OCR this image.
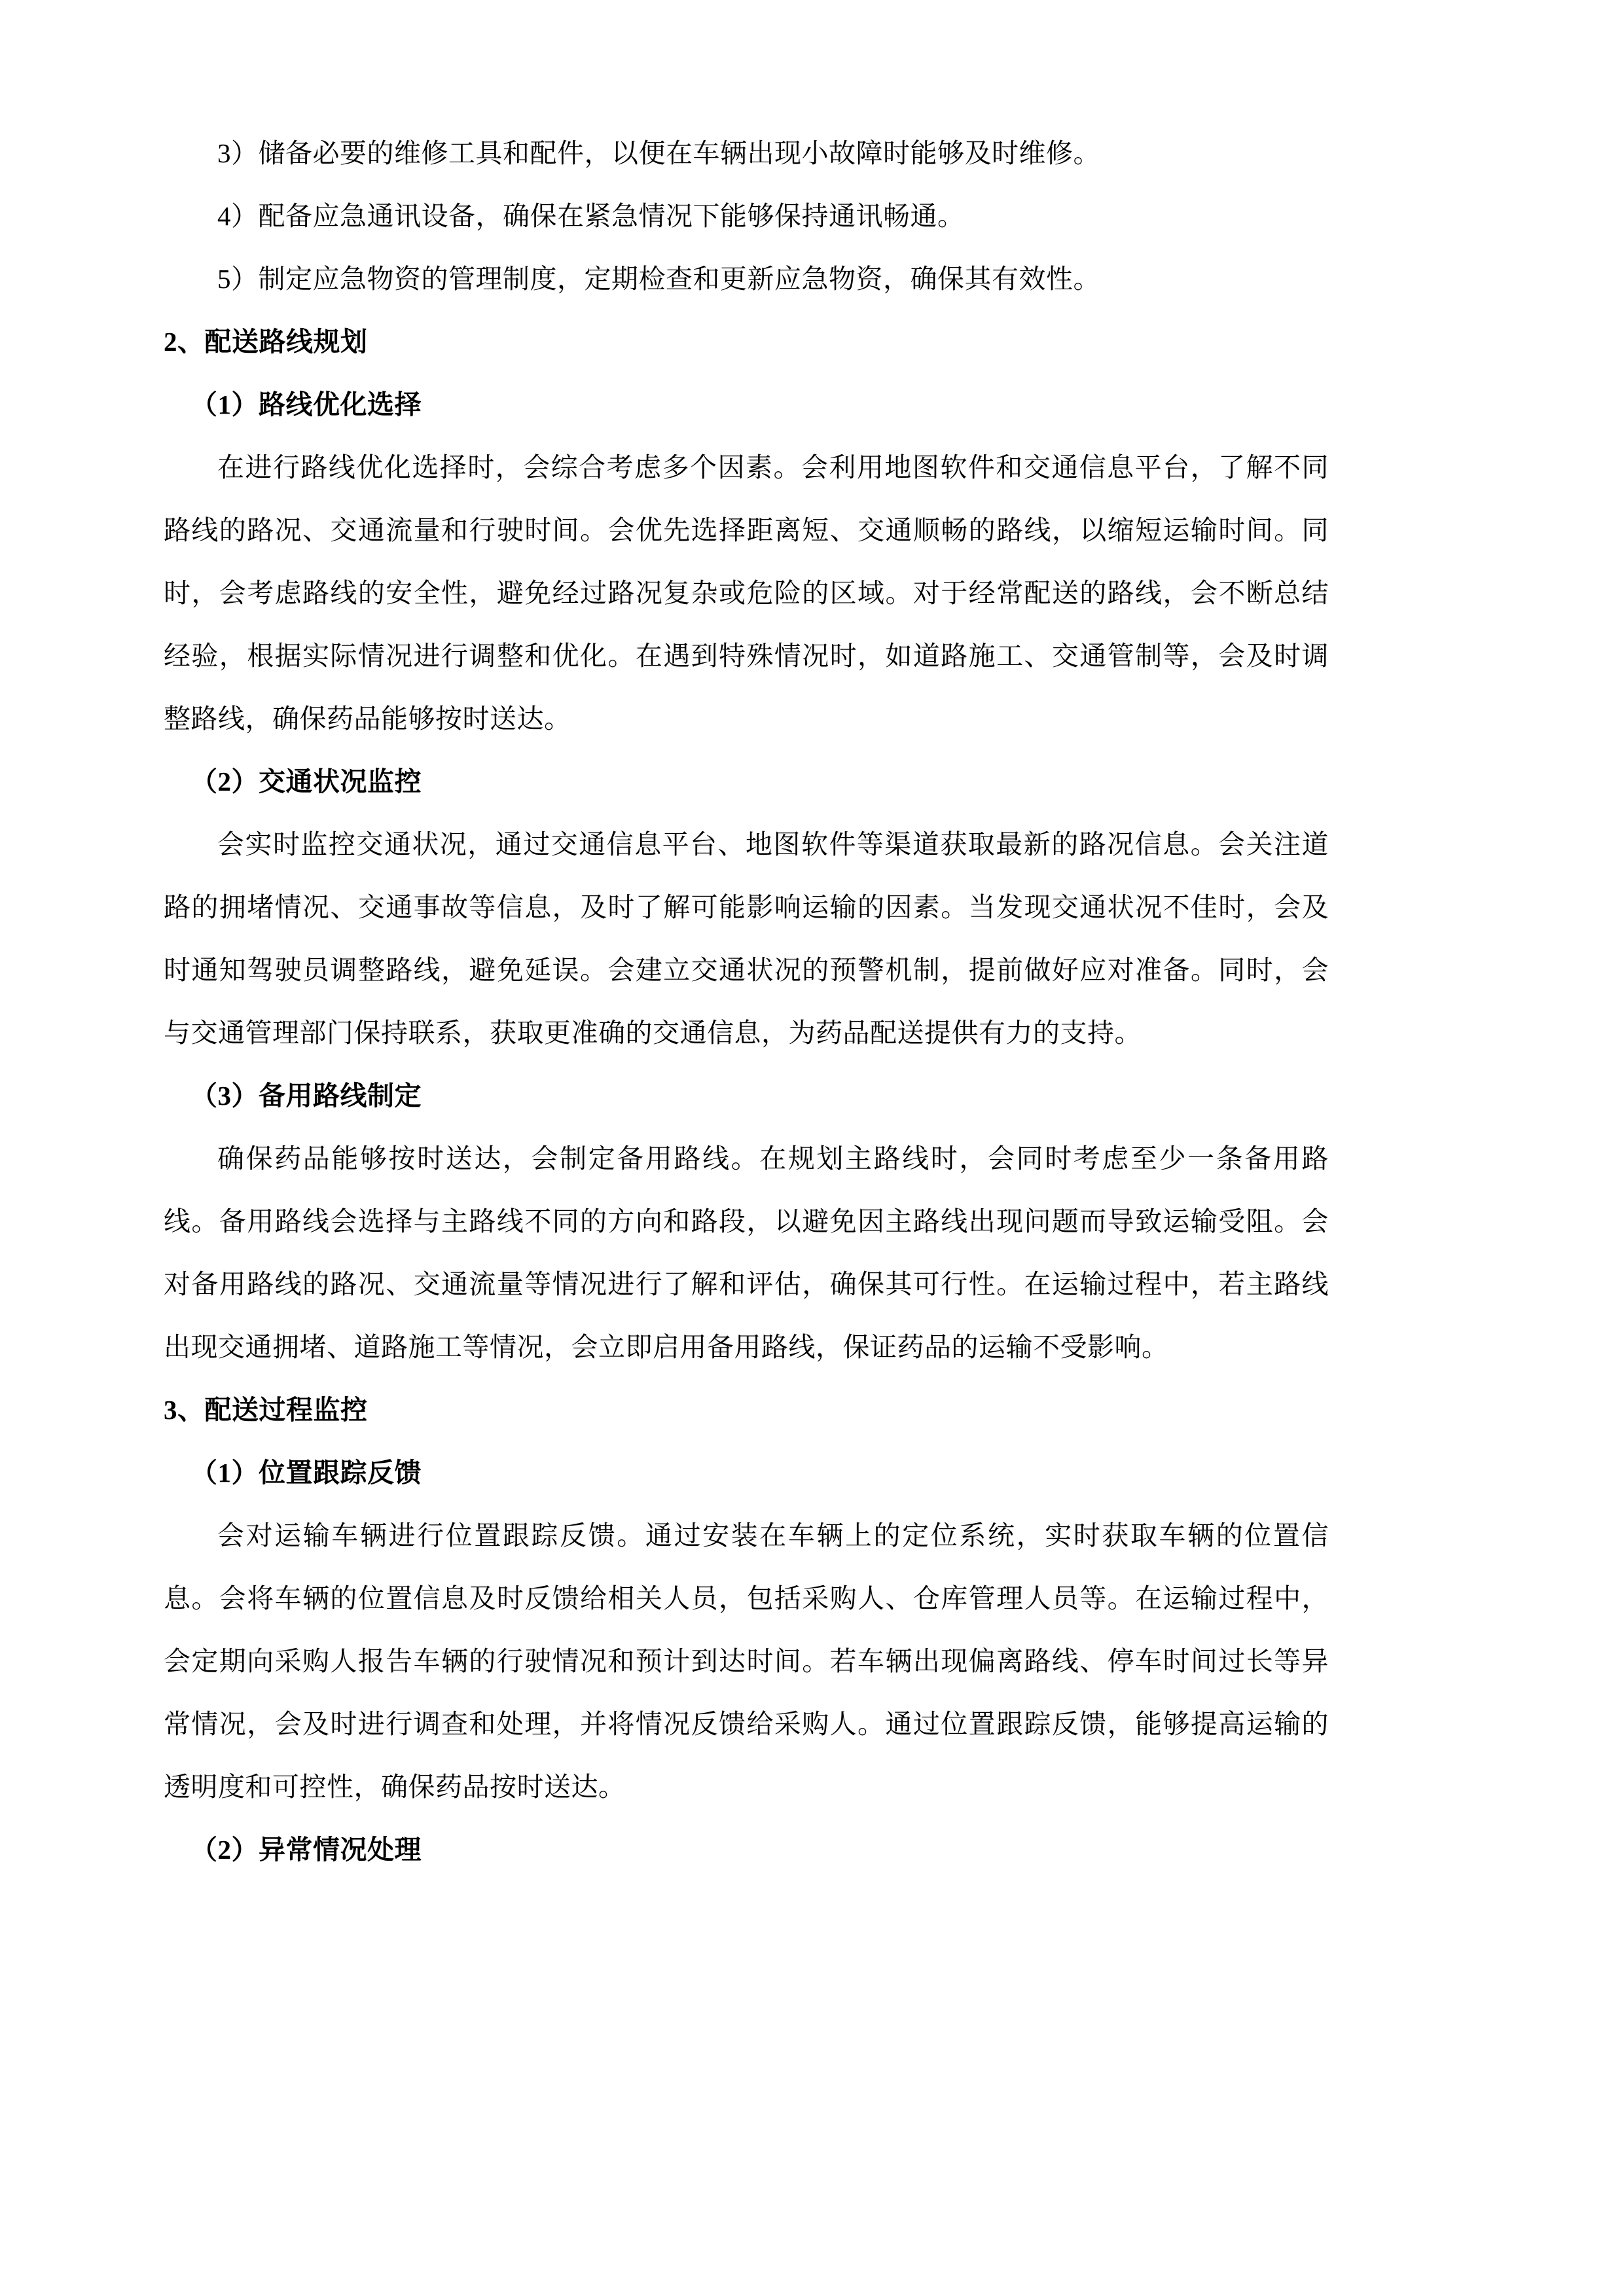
3）储备必要的维修工具和配件，以便在车辆出现小故障时能够及时维修。

4）配备应急通讯设备，确保在紧急情况下能够保持通讯畅通。

5）制定应急物资的管理制度，定期检查和更新应急物资，确保其有效性。

2、配送路线规划

（1）路线优化选择

在进行路线优化选择时，会综合考虑多个因素。会利用地图软件和交通信息平台，了解不同路线的路况、交通流量和行驶时间。会优先选择距离短、交通顺畅的路线，以缩短运输时间。同时，会考虑路线的安全性，避免经过路况复杂或危险的区域。对于经常配送的路线，会不断总结经验，根据实际情况进行调整和优化。在遇到特殊情况时，如道路施工、交通管制等，会及时调整路线，确保药品能够按时送达。

（2）交通状况监控

会实时监控交通状况，通过交通信息平台、地图软件等渠道获取最新的路况信息。会关注道路的拥堵情况、交通事故等信息，及时了解可能影响运输的因素。当发现交通状况不佳时，会及时通知驾驶员调整路线，避免延误。会建立交通状况的预警机制，提前做好应对准备。同时，会与交通管理部门保持联系，获取更准确的交通信息，为药品配送提供有力的支持。

（3）备用路线制定

确保药品能够按时送达，会制定备用路线。在规划主路线时，会同时考虑至少一条备用路线。备用路线会选择与主路线不同的方向和路段，以避免因主路线出现问题而导致运输受阻。会对备用路线的路况、交通流量等情况进行了解和评估，确保其可行性。在运输过程中，若主路线出现交通拥堵、道路施工等情况，会立即启用备用路线，保证药品的运输不受影响。

3、配送过程监控

（1）位置跟踪反馈

会对运输车辆进行位置跟踪反馈。通过安装在车辆上的定位系统，实时获取车辆的位置信息。会将车辆的位置信息及时反馈给相关人员，包括采购人、仓库管理人员等。在运输过程中，会定期向采购人报告车辆的行驶情况和预计到达时间。若车辆出现偏离路线、停车时间过长等异常情况，会及时进行调查和处理，并将情况反馈给采购人。通过位置跟踪反馈，能够提高运输的透明度和可控性，确保药品按时送达。

（2）异常情况处理
